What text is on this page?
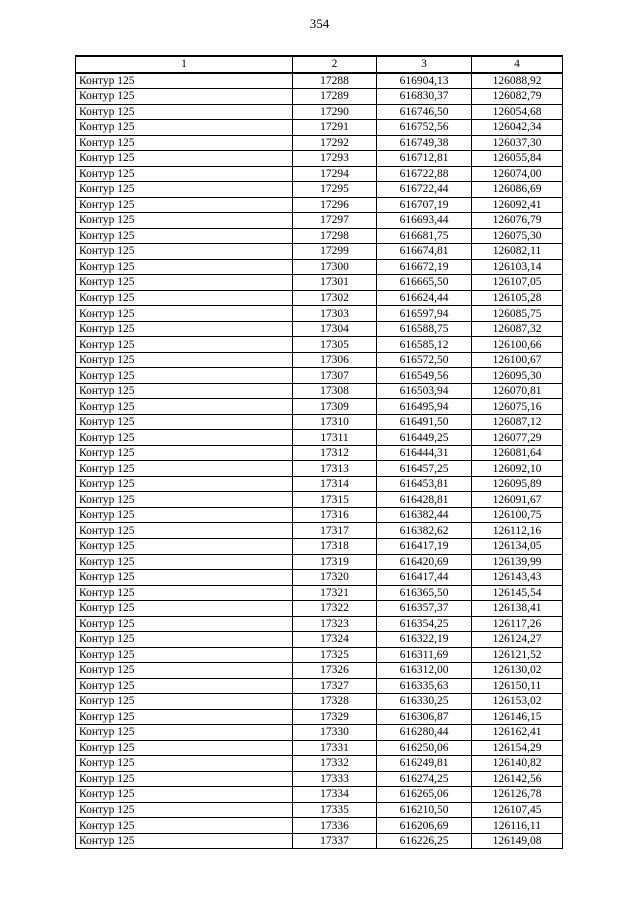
354
1	2	3	4
Контур 125	17288	616904,13	126088,92
Контур 125	17289	616830,37	126082,79
Контур 125	17290	616746,50	126054,68
Контур 125	17291	616752,56	126042,34
Контур 125	17292	616749,38	126037,30
Контур 125	17293	616712,81	126055,84
Контур 125	17294	616722,88	126074,00
Контур 125	17295	616722,44	126086,69
Контур 125	17296	616707,19	126092,41
Контур 125	17297	616693,44	126076,79
Контур 125	17298	616681,75	126075,30
Контур 125	17299	616674,81	126082,11
Контур 125	17300	616672,19	126103,14
Контур 125	17301	616665,50	126107,05
Контур 125	17302	616624,44	126105,28
Контур 125	17303	616597,94	126085,75
Контур 125	17304	616588,75	126087,32
Контур 125	17305	616585,12	126100,66
Контур 125	17306	616572,50	126100,67
Контур 125	17307	616549,56	126095,30
Контур 125	17308	616503,94	126070,81
Контур 125	17309	616495,94	126075,16
Контур 125	17310	616491,50	126087,12
Контур 125	17311	616449,25	126077,29
Контур 125	17312	616444,31	126081,64
Контур 125	17313	616457,25	126092,10
Контур 125	17314	616453,81	126095,89
Контур 125	17315	616428,81	126091,67
Контур 125	17316	616382,44	126100,75
Контур 125	17317	616382,62	126112,16
Контур 125	17318	616417,19	126134,05
Контур 125	17319	616420,69	126139,99
Контур 125	17320	616417,44	126143,43
Контур 125	17321	616365,50	126145,54
Контур 125	17322	616357,37	126138,41
Контур 125	17323	616354,25	126117,26
Контур 125	17324	616322,19	126124,27
Контур 125	17325	616311,69	126121,52
Контур 125	17326	616312,00	126130,02
Контур 125	17327	616335,63	126150,11
Контур 125	17328	616330,25	126153,02
Контур 125	17329	616306,87	126146,15
Контур 125	17330	616280,44	126162,41
Контур 125	17331	616250,06	126154,29
Контур 125	17332	616249,81	126140,82
Контур 125	17333	616274,25	126142,56
Контур 125	17334	616265,06	126126,78
Контур 125	17335	616210,50	126107,45
Контур 125	17336	616206,69	126116,11
Контур 125	17337	616226,25	126149,08
